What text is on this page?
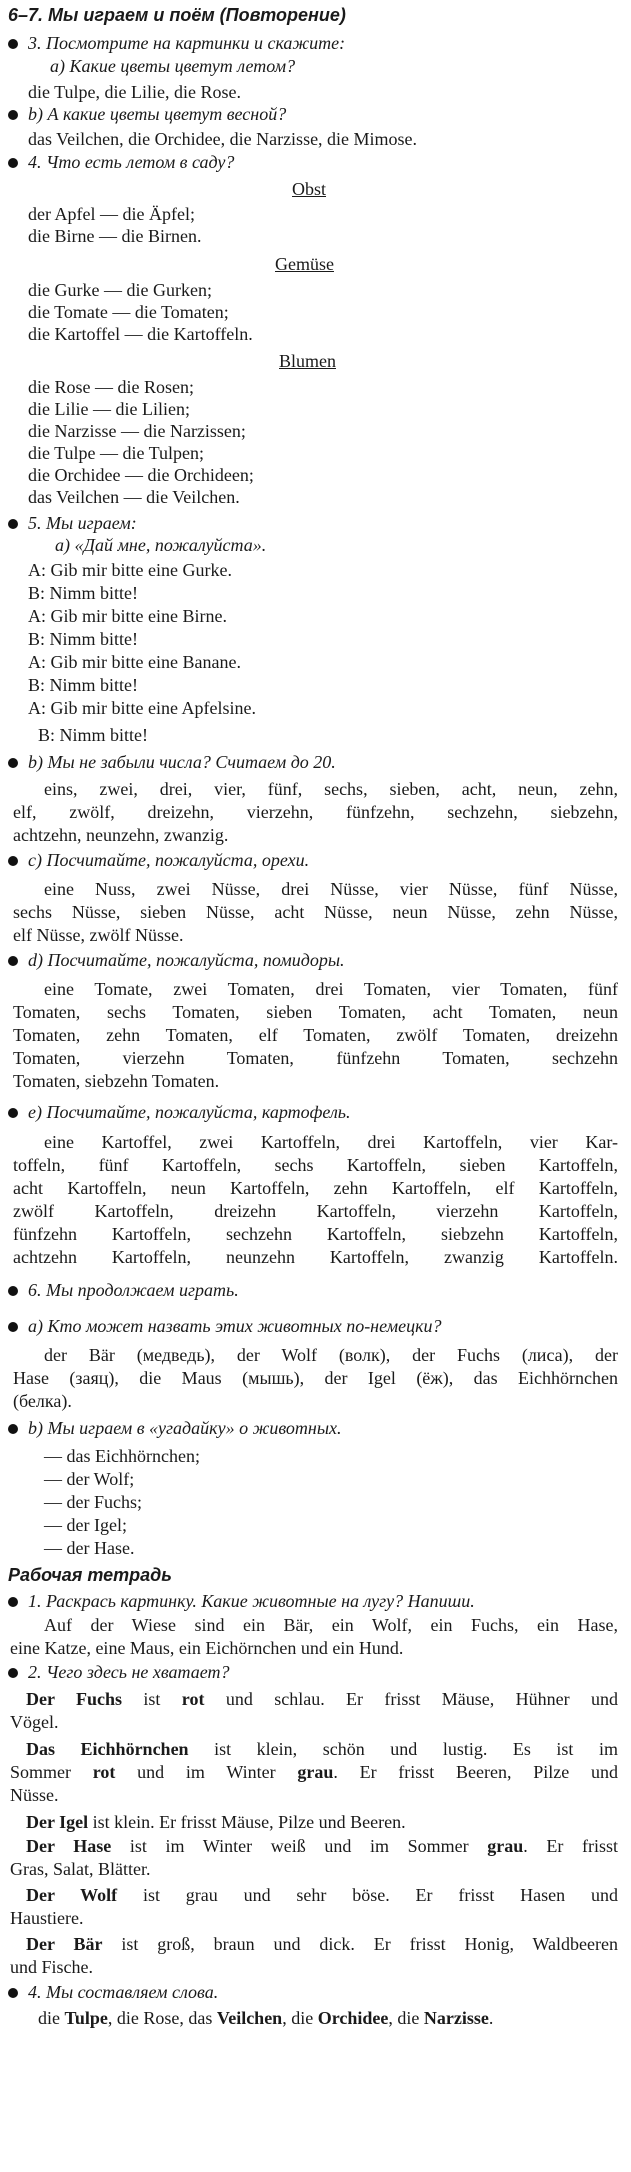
6–7. Мы играем и поём (Повторение)
3. Посмотрите на картинки и скажите:
а) Какие цветы цветут летом?
die Tulpe, die Lilie, die Rose.
b) А какие цветы цветут весной?
das Veilchen, die Orchidee, die Narzisse, die Mimose.
4. Что есть летом в саду?
Obst
der Apfel — die Äpfel;
die Birne — die Birnen.
Gemüse
die Gurke — die Gurken;
die Tomate — die Tomaten;
die Kartoffel — die Kartoffeln.
Blumen
die Rose — die Rosen;
die Lilie — die Lilien;
die Narzisse — die Narzissen;
die Tulpe — die Tulpen;
die Orchidee — die Orchideen;
das Veilchen — die Veilchen.
5. Мы играем:
а) «Дай мне, пожалуйста».
A: Gib mir bitte eine Gurke.
B: Nimm bitte!
A: Gib mir bitte eine Birne.
B: Nimm bitte!
A: Gib mir bitte eine Banane.
B: Nimm bitte!
A: Gib mir bitte eine Apfelsine.
B: Nimm bitte!
b) Мы не забыли числа? Считаем до 20.
eins, zwei, drei, vier, fünf, sechs, sieben, acht, neun, zehn,
elf, zwölf, dreizehn, vierzehn, fünfzehn, sechzehn, siebzehn,
achtzehn, neunzehn, zwanzig.
c) Посчитайте, пожалуйста, орехи.
eine Nuss, zwei Nüsse, drei Nüsse, vier Nüsse, fünf Nüsse,
sechs Nüsse, sieben Nüsse, acht Nüsse, neun Nüsse, zehn Nüsse,
elf Nüsse, zwölf Nüsse.
d) Посчитайте, пожалуйста, помидоры.
eine Tomate, zwei Tomaten, drei Tomaten, vier Tomaten, fünf
Tomaten, sechs Tomaten, sieben Tomaten, acht Tomaten, neun
Tomaten, zehn Tomaten, elf Tomaten, zwölf Tomaten, dreizehn
Tomaten, vierzehn Tomaten, fünfzehn Tomaten, sechzehn
Tomaten, siebzehn Tomaten.
e) Посчитайте, пожалуйста, картофель.
eine Kartoffel, zwei Kartoffeln, drei Kartoffeln, vier Kar-
toffeln, fünf Kartoffeln, sechs Kartoffeln, sieben Kartoffeln,
acht Kartoffeln, neun Kartoffeln, zehn Kartoffeln, elf Kartoffeln,
zwölf Kartoffeln, dreizehn Kartoffeln, vierzehn Kartoffeln,
fünfzehn Kartoffeln, sechzehn Kartoffeln, siebzehn Kartoffeln,
achtzehn Kartoffeln, neunzehn Kartoffeln, zwanzig Kartoffeln.
6. Мы продолжаем играть.
а) Кто может назвать этих животных по-немецки?
der Bär (медведь), der Wolf (волк), der Fuchs (лиса), der
Hase (заяц), die Maus (мышь), der Igel (ёж), das Eichhörnchen
(белка).
b) Мы играем в «угадайку» о животных.
— das Eichhörnchen;
— der Wolf;
— der Fuchs;
— der Igel;
— der Hase.
Рабочая тетрадь
1. Раскрась картинку. Какие животные на лугу? Напиши.
Auf der Wiese sind ein Bär, ein Wolf, ein Fuchs, ein Hase,
eine Katze, eine Maus, ein Eichörnchen und ein Hund.
2. Чего здесь не хватает?
Der Fuchs ist rot und schlau. Er frisst Mäuse, Hühner und
Vögel.
Das Eichhörnchen ist klein, schön und lustig. Es ist im
Sommer rot und im Winter grau. Er frisst Beeren, Pilze und
Nüsse.
Der Igel ist klein. Er frisst Mäuse, Pilze und Beeren.
Der Hase ist im Winter weiß und im Sommer grau. Er frisst
Gras, Salat, Blätter.
Der Wolf ist grau und sehr böse. Er frisst Hasen und
Haustiere.
Der Bär ist groß, braun und dick. Er frisst Honig, Waldbeeren
und Fische.
4. Мы составляем слова.
die Tulpe, die Rose, das Veilchen, die Orchidee, die Narzisse.
